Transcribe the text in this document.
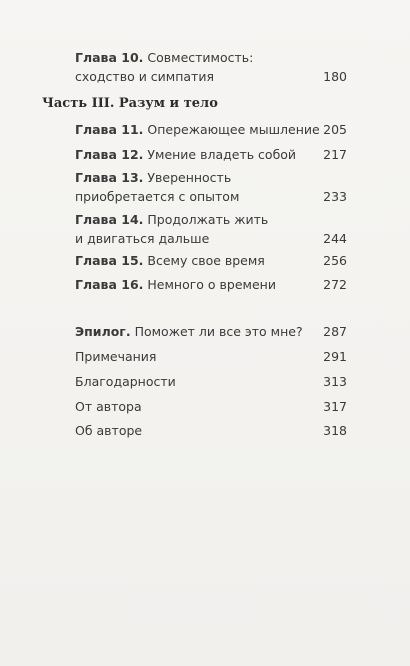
Глава 10. Совместимость:
сходство и симпатия	180
Часть III. Разум и тело
Глава 11. Опережающее мышление 205
Глава 12. Умение владеть собой	217
Глава 13. Уверенность
приобретается с опытом	233
Глава 14. Продолжать жить
и двигаться дальше	244
Глава 15. Всему свое время	256
Глава 16. Немного о времени	272
Эпилог. Поможет ли все это мне?	287
Примечания	291
Благодарности	313
От автора	317
Об авторе	318
